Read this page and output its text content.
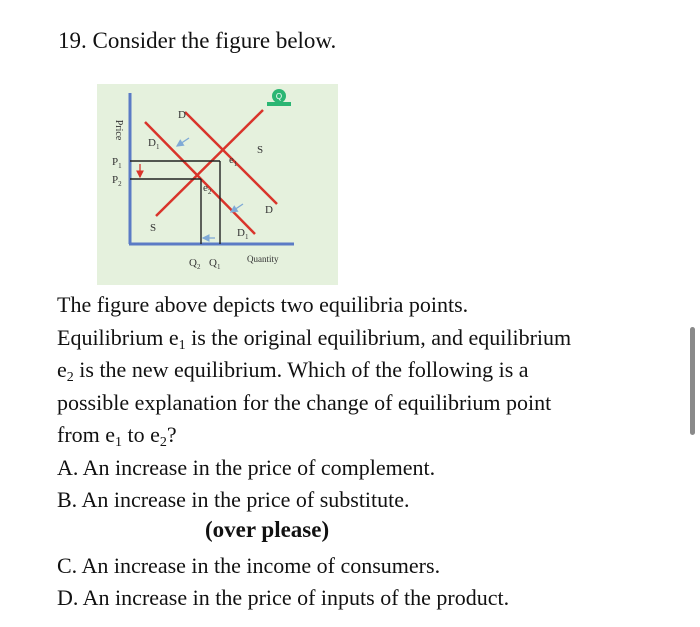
19. Consider the figure below.
Price
Quantity
$P_1$
$P_2$
$Q_2$ $Q_1$
D
$D_1$	S
S
D
$D_1$
$e_1$
$e_2$
Q
The figure above depicts two equilibria points.
Equilibrium $e_1$ is the original equilibrium, and equilibrium
$e_2$ is the new equilibrium. Which of the following is a
possible explanation for the change of equilibrium point
from $e_1$ to $e_2$?
A. An increase in the price of complement.
B. An increase in the price of substitute.
(over please)
C. An increase in the income of consumers.
D. An increase in the price of inputs of the product.
